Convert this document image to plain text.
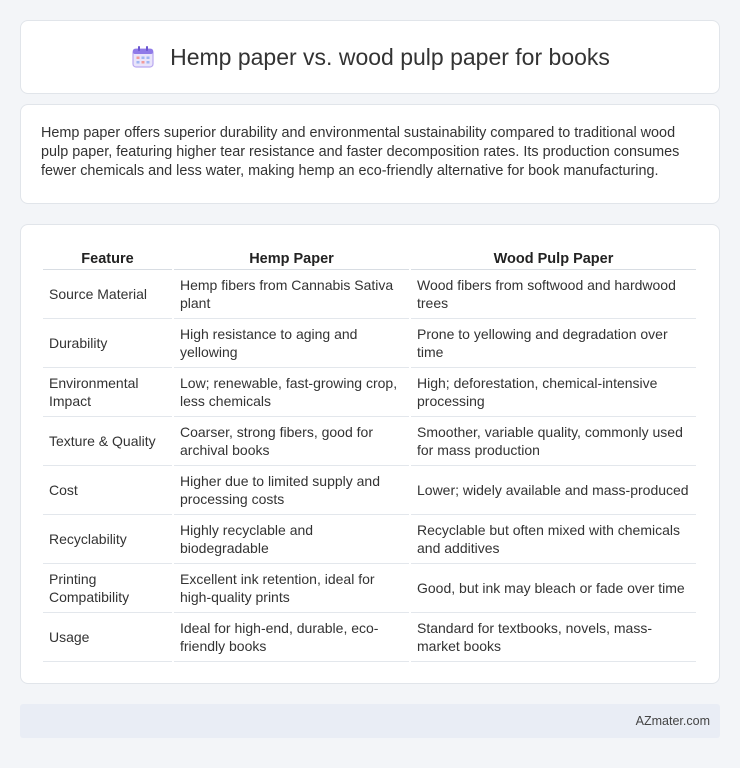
Hemp paper vs. wood pulp paper for books

Hemp paper offers superior durability and environmental sustainability compared to traditional wood pulp paper, featuring higher tear resistance and faster decomposition rates. Its production consumes fewer chemicals and less water, making hemp an eco-friendly alternative for book manufacturing.

Feature	Hemp Paper	Wood Pulp Paper
Source Material	Hemp fibers from Cannabis Sativa plant	Wood fibers from softwood and hardwood trees
Durability	High resistance to aging and yellowing	Prone to yellowing and degradation over time
Environmental Impact	Low; renewable, fast-growing crop, less chemicals	High; deforestation, chemical-intensive processing
Texture & Quality	Coarser, strong fibers, good for archival books	Smoother, variable quality, commonly used for mass production
Cost	Higher due to limited supply and processing costs	Lower; widely available and mass-produced
Recyclability	Highly recyclable and biodegradable	Recyclable but often mixed with chemicals and additives
Printing Compatibility	Excellent ink retention, ideal for high-quality prints	Good, but ink may bleach or fade over time
Usage	Ideal for high-end, durable, eco-friendly books	Standard for textbooks, novels, mass-market books
AZmater.com
